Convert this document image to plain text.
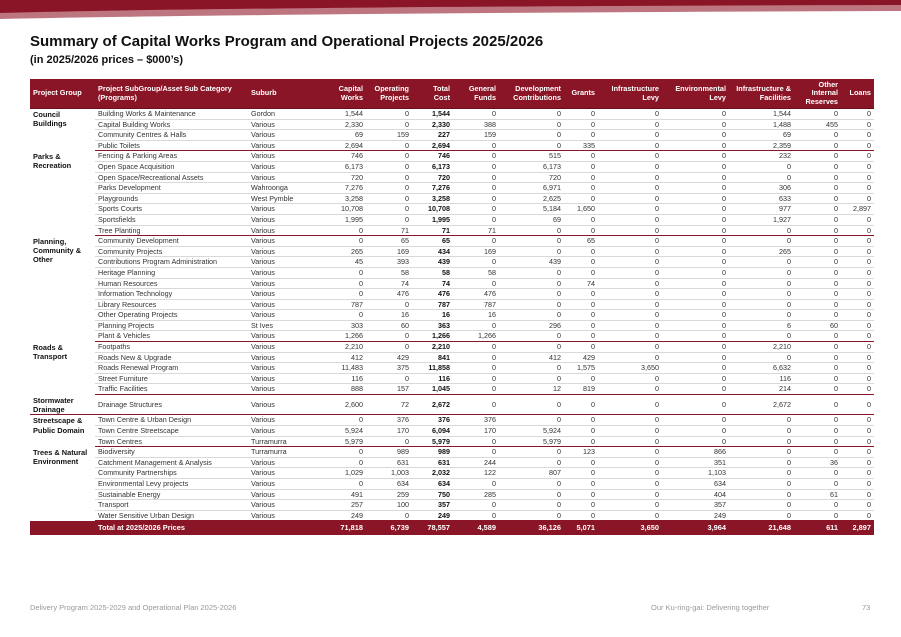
Summary of Capital Works Program and Operational Projects 2025/2026
(in 2025/2026 prices – $000’s)
Project Group	Project SubGroup/Asset Sub Category (Programs)	Suburb	Capital Works	Operating Projects	Total Cost	General Funds	Development Contributions	Grants	Infrastructure Levy	Environmental Levy	Infrastructure & Facilities	Other Internal Reserves	Loans
Council Buildings	Building Works & Maintenance	Gordon	1,544	0	1,544	0	0	0	0	0	1,544	0	0
	Capital Building Works	Various	2,330	0	2,330	388	0	0	0	0	1,488	455	0
	Community Centres & Halls	Various	69	159	227	159	0	0	0	0	69	0	0
	Public Toilets	Various	2,694	0	2,694	0	0	335	0	0	2,359	0	0
Parks & Recreation	Fencing & Parking Areas	Various	746	0	746	0	515	0	0	0	232	0	0
	Open Space Acquisition	Various	6,173	0	6,173	0	6,173	0	0	0	0	0	0
	Open Space/Recreational Assets	Various	720	0	720	0	720	0	0	0	0	0	0
	Parks Development	Wahroonga	7,276	0	7,276	0	6,971	0	0	0	306	0	0
	Playgrounds	West Pymble	3,258	0	3,258	0	2,625	0	0	0	633	0	0
	Sports Courts	Various	10,708	0	10,708	0	5,184	1,650	0	0	977	0	2,897
	Sportsfields	Various	1,995	0	1,995	0	69	0	0	0	1,927	0	0
	Tree Planting	Various	0	71	71	71	0	0	0	0	0	0	0
Planning, Community & Other	Community Development	Various	0	65	65	0	0	65	0	0	0	0	0
	Community Projects	Various	265	169	434	169	0	0	0	0	265	0	0
	Contributions Program Administration	Various	45	393	439	0	439	0	0	0	0	0	0
	Heritage Planning	Various	0	58	58	58	0	0	0	0	0	0	0
	Human Resources	Various	0	74	74	0	0	74	0	0	0	0	0
	Information Technology	Various	0	476	476	476	0	0	0	0	0	0	0
	Library Resources	Various	787	0	787	787	0	0	0	0	0	0	0
	Other Operating Projects	Various	0	16	16	16	0	0	0	0	0	0	0
	Planning Projects	St Ives	303	60	363	0	296	0	0	0	6	60	0
	Plant & Vehicles	Various	1,266	0	1,266	1,266	0	0	0	0	0	0	0
Roads & Transport	Footpaths	Various	2,210	0	2,210	0	0	0	0	0	2,210	0	0
	Roads New & Upgrade	Various	412	429	841	0	412	429	0	0	0	0	0
	Roads Renewal Program	Various	11,483	375	11,858	0	0	1,575	3,650	0	6,632	0	0
	Street Furniture	Various	116	0	116	0	0	0	0	0	116	0	0
	Traffic Facilities	Various	888	157	1,045	0	12	819	0	0	214	0	0
Stormwater Drainage	Drainage Structures	Various	2,600	72	2,672	0	0	0	0	0	2,672	0	0
Streetscape & Public Domain	Town Centre & Urban Design	Various	0	376	376	376	0	0	0	0	0	0	0
	Town Centre Streetscape	Various	5,924	170	6,094	170	5,924	0	0	0	0	0	0
	Town Centres	Turramurra	5,979	0	5,979	0	5,979	0	0	0	0	0	0
Trees & Natural Environment	Biodiversity	Turramurra	0	989	989	0	0	123	0	866	0	0	0
	Catchment Management & Analysis	Various	0	631	631	244	0	0	0	351	0	36	0
	Community Partnerships	Various	1,029	1,003	2,032	122	807	0	0	1,103	0	0	0
	Environmental Levy projects	Various	0	634	634	0	0	0	0	634	0	0	0
	Sustainable Energy	Various	491	259	750	285	0	0	0	404	0	61	0
	Transport	Various	257	100	357	0	0	0	0	357	0	0	0
	Water Sensitive Urban Design	Various	249	0	249	0	0	0	0	249	0	0	0
	Total at 2025/2026 Prices		71,818	6,739	78,557	4,589	36,126	5,071	3,650	3,964	21,648	611	2,897
Delivery Program 2025-2029 and Operational Plan 2025-2026	Our Ku-ring-gai: Delivering together	73
